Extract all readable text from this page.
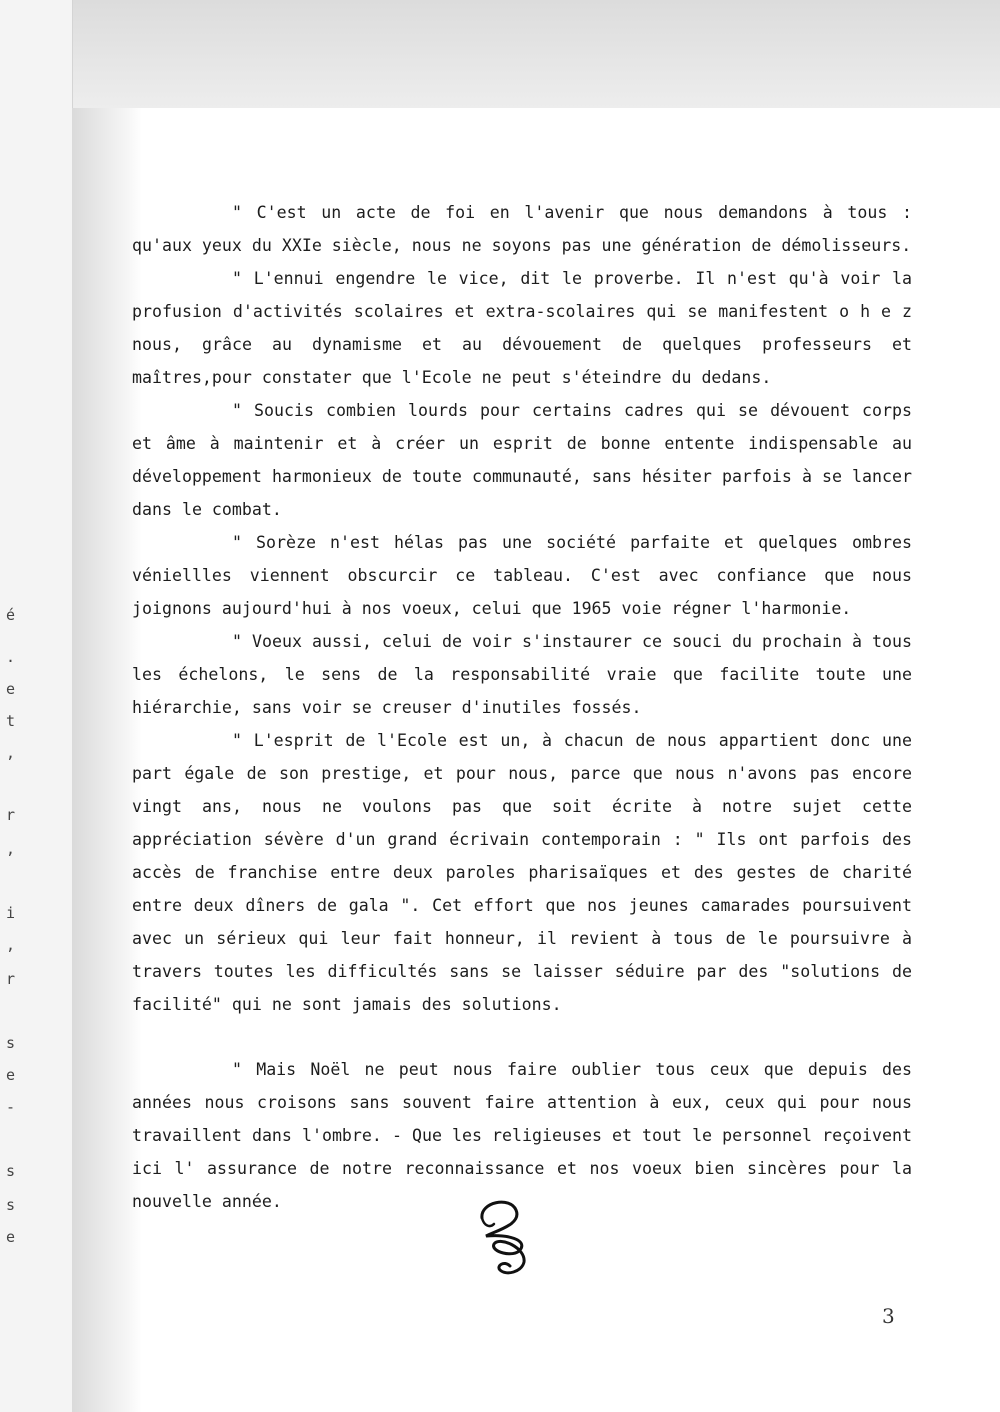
é
.
e
t
,
r
,
i
,
r
s
e
-
s
s
e

" C'est un acte de foi en l'avenir que nous demandons à tous : qu'aux yeux du XXIe siècle, nous ne soyons pas une génération de démolisseurs.

" L'ennui engendre le vice, dit le proverbe. Il n'est qu'à voir la profusion d'activités scolaires et extra-scolaires qui se manifestent o h e z nous, grâce au dynamisme et au dévouement de quelques professeurs et maîtres,pour constater que l'Ecole ne peut s'éteindre du dedans.

" Soucis combien lourds pour certains cadres qui se dévouent corps et âme à maintenir et à créer un esprit de bonne entente indispensable au développement harmonieux de toute communauté, sans hésiter parfois à se lancer dans le combat.

" Sorèze n'est hélas pas une société parfaite et quelques ombres véniellles viennent obscurcir ce tableau. C'est avec confiance que nous joignons aujourd'hui à nos voeux, celui que 1965 voie régner l'harmonie.

" Voeux aussi, celui de voir s'instaurer ce souci du prochain à tous les échelons, le sens de la responsabilité vraie que facilite toute une hiérarchie, sans voir se creuser d'inutiles fossés.

" L'esprit de l'Ecole est un, à chacun de nous appartient donc une part égale de son prestige, et pour nous, parce que nous n'avons pas encore vingt ans, nous ne voulons pas que soit écrite à notre sujet cette appréciation sévère d'un grand écrivain contemporain : " Ils ont parfois des accès de franchise entre deux paroles pharisaïques et des gestes de charité entre deux dîners de gala ". Cet effort que nos jeunes camarades poursuivent avec un sérieux qui leur fait honneur, il revient à tous de le poursuivre à travers toutes les difficultés sans se laisser séduire par des "solutions de facilité" qui ne sont jamais des solutions.

" Mais Noël ne peut nous faire oublier tous ceux que depuis des années nous croisons sans souvent faire attention à eux, ceux qui pour nous travaillent dans l'ombre. - Que les religieuses et tout le personnel reçoivent ici l' assurance de notre reconnaissance et nos voeux bien sincères pour la nouvelle année.

3
